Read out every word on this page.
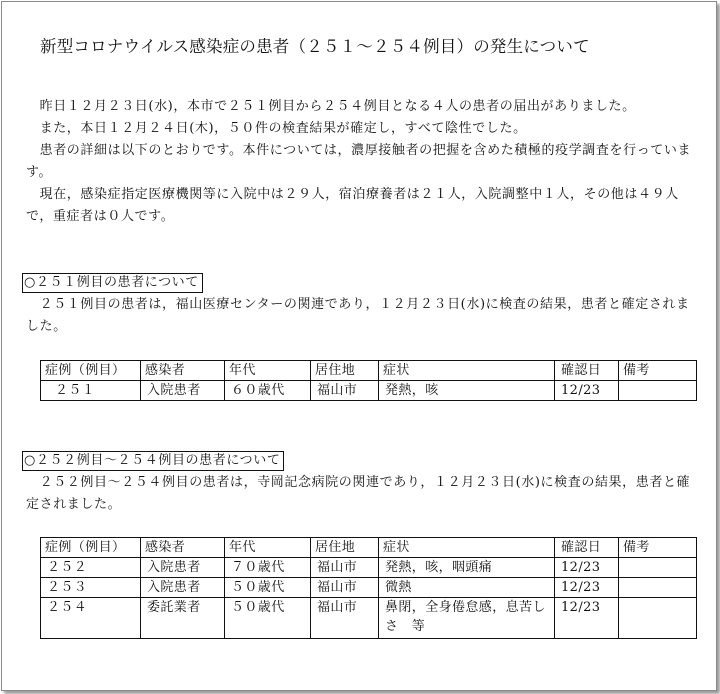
新型コロナウイルス感染症の患者（２５１～２５４例目）の発生について

　昨日１２月２３日(水)，本市で２５１例目から２５４例目となる４人の患者の届出がありました。

　また，本日１２月２４日(木)，５０件の検査結果が確定し，すべて陰性でした。

　患者の詳細は以下のとおりです。本件については，濃厚接触者の把握を含めた積極的疫学調査を行っています。

　現在，感染症指定医療機関等に入院中は２９人，宿泊療養者は２１人，入院調整中１人，その他は４９人で，重症者は０人です。

○２５１例目の患者について
　２５１例目の患者は，福山医療センターの関連であり，１２月２３日(水)に検査の結果，患者と確定されました。
症例（例目）	感染者	年代	居住地	症状	確認日	備考
２５１	入院患者	６０歳代	福山市	発熱，咳	12/23	
○２５２例目～２５４例目の患者について
　２５２例目～２５４例目の患者は，寺岡記念病院の関連であり，１２月２３日(水)に検査の結果，患者と確定されました。
症例（例目）	感染者	年代	居住地	症状	確認日	備考
２５２	入院患者	７０歳代	福山市	発熱，咳，咽頭痛	12/23	
２５３	入院患者	５０歳代	福山市	微熱	12/23	
２５４	委託業者	５０歳代	福山市	鼻閉，全身倦怠感，息苦しさ　等	12/23	
